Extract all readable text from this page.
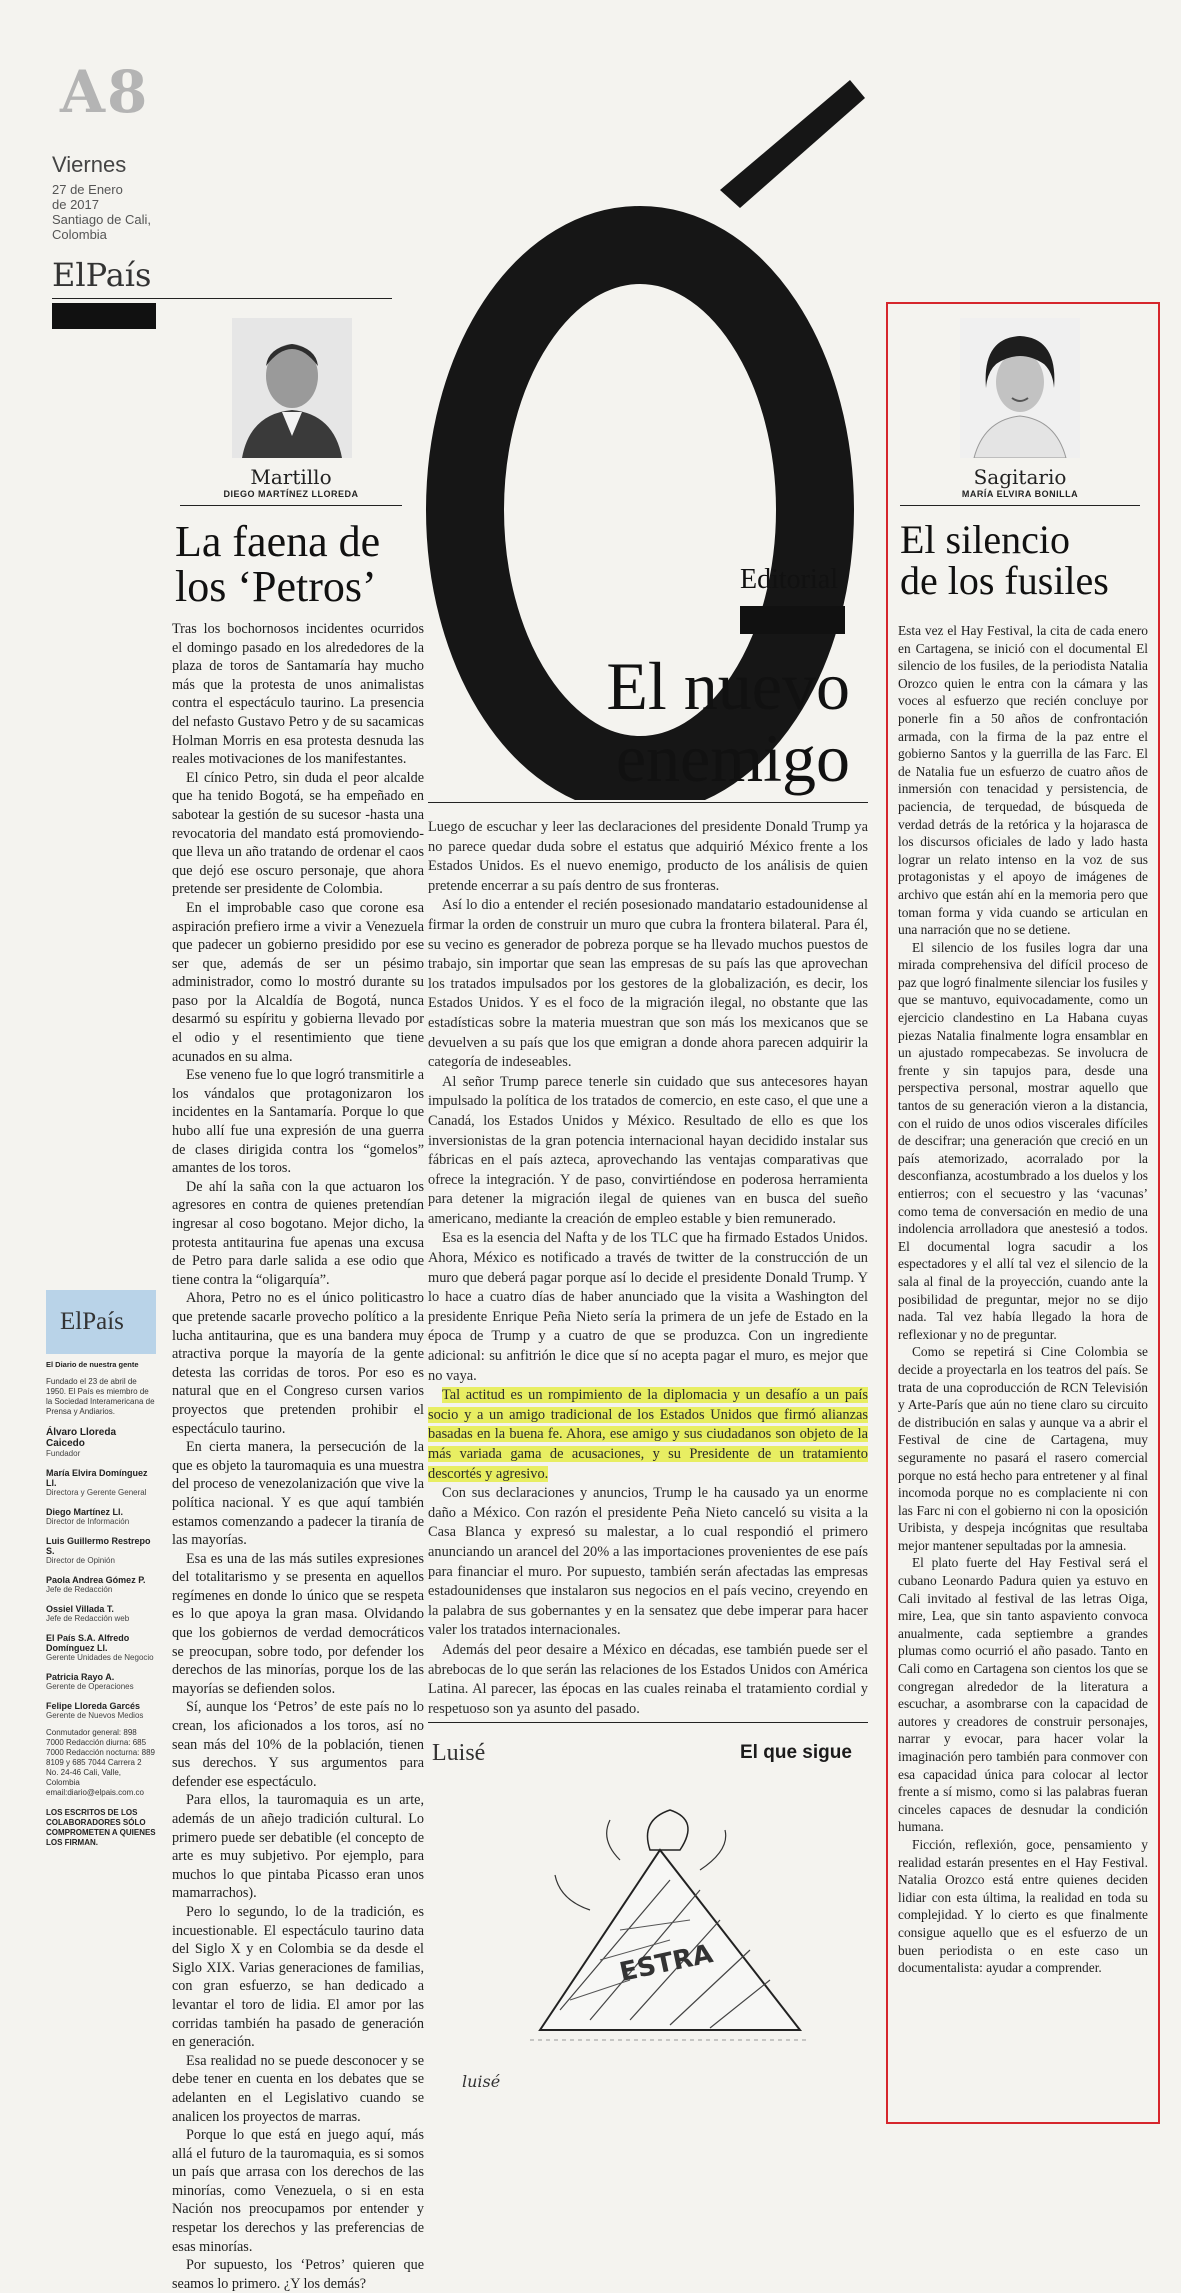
A8
Viernes
27 de Enero
de 2017
Santiago de Cali,
Colombia
ElPaís
Martillo
DIEGO MARTÍNEZ LLOREDA
La faena de los ‘Petros’

Tras los bochornosos incidentes ocurridos el domingo pasado en los alrededores de la plaza de toros de Santamaría hay mucho más que la protesta de unos animalistas contra el espectáculo taurino. La presencia del nefasto Gustavo Petro y de su sacamicas Holman Morris en esa protesta desnuda las reales motivaciones de los manifestantes.

El cínico Petro, sin duda el peor alcalde que ha tenido Bogotá, se ha empeñado en sabotear la gestión de su sucesor -hasta una revocatoria del mandato está promoviendo- que lleva un año tratando de ordenar el caos que dejó ese oscuro personaje, que ahora pretende ser presidente de Colombia.

En el improbable caso que corone esa aspiración prefiero irme a vivir a Venezuela que padecer un gobierno presidido por ese ser que, además de ser un pésimo administrador, como lo mostró durante su paso por la Alcaldía de Bogotá, nunca desarmó su espíritu y gobierna llevado por el odio y el resentimiento que tiene acunados en su alma.

Ese veneno fue lo que logró transmitirle a los vándalos que protagonizaron los incidentes en la Santamaría. Porque lo que hubo allí fue una expresión de una guerra de clases dirigida contra los “gomelos” amantes de los toros.

De ahí la saña con la que actuaron los agresores en contra de quienes pretendían ingresar al coso bogotano. Mejor dicho, la protesta antitaurina fue apenas una excusa de Petro para darle salida a ese odio que tiene contra la “oligarquía”.

Ahora, Petro no es el único politicastro que pretende sacarle provecho político a la lucha antitaurina, que es una bandera muy atractiva porque la mayoría de la gente detesta las corridas de toros. Por eso es natural que en el Congreso cursen varios proyectos que pretenden prohibir el espectáculo taurino.

En cierta manera, la persecución de la que es objeto la tauromaquia es una muestra del proceso de venezolanización que vive la política nacional. Y es que aquí también estamos comenzando a padecer la tiranía de las mayorías.

Esa es una de las más sutiles expresiones del totalitarismo y se presenta en aquellos regímenes en donde lo único que se respeta es lo que apoya la gran masa. Olvidando que los gobiernos de verdad democráticos se preocupan, sobre todo, por defender los derechos de las minorías, porque los de las mayorías se defienden solos.

Sí, aunque los ‘Petros’ de este país no lo crean, los aficionados a los toros, así no sean más del 10% de la población, tienen sus derechos. Y sus argumentos para defender ese espectáculo.

Para ellos, la tauromaquia es un arte, además de un añejo tradición cultural. Lo primero puede ser debatible (el concepto de arte es muy subjetivo. Por ejemplo, para muchos lo que pintaba Picasso eran unos mamarrachos).

Pero lo segundo, lo de la tradición, es incuestionable. El espectáculo taurino data del Siglo X y en Colombia se da desde el Siglo XIX. Varias generaciones de familias, con gran esfuerzo, se han dedicado a levantar el toro de lidia. El amor por las corridas también ha pasado de generación en generación.

Esa realidad no se puede desconocer y se debe tener en cuenta en los debates que se adelanten en el Legislativo cuando se analicen los proyectos de marras.

Porque lo que está en juego aquí, más allá el futuro de la tauromaquia, es si somos un país que arrasa con los derechos de las minorías, como Venezuela, o si en esta Nación nos preocupamos por entender y respetar los derechos y las preferencias de esas minorías.

Por supuesto, los ‘Petros’ quieren que seamos lo primero. ¿Y los demás?

ElPaís
El Diario de nuestra gente
Fundado el 23 de abril de 1950. El País es miembro de la Sociedad Interamericana de Prensa y Andiarios.
Álvaro Lloreda Caicedo
Fundador
María Elvira Domínguez Ll.
Directora y Gerente General
Diego Martínez Ll.
Director de Información
Luis Guillermo Restrepo S.
Director de Opinión
Paola Andrea Gómez P.
Jefe de Redacción
Ossiel Villada T.
Jefe de Redacción web
El País S.A. Alfredo Domínguez Ll.
Gerente Unidades de Negocio
Patricia Rayo A.
Gerente de Operaciones
Felipe Lloreda Garcés
Gerente de Nuevos Medios
Conmutador general: 898 7000 Redacción diurna: 685 7000 Redacción nocturna: 889 8109 y 685 7044 Carrera 2 No. 24-46 Cali, Valle, Colombia email:diario@elpais.com.co
LOS ESCRITOS DE LOS COLABORADORES SÓLO COMPROMETEN A QUIENES LOS FIRMAN.
Editorial
El nuevo
enemigo

Luego de escuchar y leer las declaraciones del presidente Donald Trump ya no parece quedar duda sobre el estatus que adquirió México frente a los Estados Unidos. Es el nuevo enemigo, producto de los análisis de quien pretende encerrar a su país dentro de sus fronteras.

Así lo dio a entender el recién posesionado mandatario estadounidense al firmar la orden de construir un muro que cubra la frontera bilateral. Para él, su vecino es generador de pobreza porque se ha llevado muchos puestos de trabajo, sin importar que sean las empresas de su país las que aprovechan los tratados impulsados por los gestores de la globalización, es decir, los Estados Unidos. Y es el foco de la migración ilegal, no obstante que las estadísticas sobre la materia muestran que son más los mexicanos que se devuelven a su país que los que emigran a donde ahora parecen adquirir la categoría de indeseables.

Al señor Trump parece tenerle sin cuidado que sus antecesores hayan impulsado la política de los tratados de comercio, en este caso, el que une a Canadá, los Estados Unidos y México. Resultado de ello es que los inversionistas de la gran potencia internacional hayan decidido instalar sus fábricas en el país azteca, aprovechando las ventajas comparativas que ofrece la integración. Y de paso, convirtiéndose en poderosa herramienta para detener la migración ilegal de quienes van en busca del sueño americano, mediante la creación de empleo estable y bien remunerado.

Esa es la esencia del Nafta y de los TLC que ha firmado Estados Unidos. Ahora, México es notificado a través de twitter de la construcción de un muro que deberá pagar porque así lo decide el presidente Donald Trump. Y lo hace a cuatro días de haber anunciado que la visita a Washington del presidente Enrique Peña Nieto sería la primera de un jefe de Estado en la época de Trump y a cuatro de que se produzca. Con un ingrediente adicional: su anfitrión le dice que sí no acepta pagar el muro, es mejor que no vaya.

Tal actitud es un rompimiento de la diplomacia y un desafío a un país socio y a un amigo tradicional de los Estados Unidos que firmó alianzas basadas en la buena fe. Ahora, ese amigo y sus ciudadanos son objeto de la más variada gama de acusaciones, y su Presidente de un tratamiento descortés y agresivo.

Con sus declaraciones y anuncios, Trump le ha causado ya un enorme daño a México. Con razón el presidente Peña Nieto canceló su visita a la Casa Blanca y expresó su malestar, a lo cual respondió el primero anunciando un arancel del 20% a las importaciones provenientes de ese país para financiar el muro. Por supuesto, también serán afectadas las empresas estadounidenses que instalaron sus negocios en el país vecino, creyendo en la palabra de sus gobernantes y en la sensatez que debe imperar para hacer valer los tratados internacionales.

Además del peor desaire a México en décadas, ese también puede ser el abrebocas de lo que serán las relaciones de los Estados Unidos con América Latina. Al parecer, las épocas en las cuales reinaba el tratamiento cordial y respetuoso son ya asunto del pasado.

Luisé	El que sigue
ESTRA
luisé
Sagitario
MARÍA ELVIRA BONILLA
El silencio
de los fusiles

Esta vez el Hay Festival, la cita de cada enero en Cartagena, se inició con el documental El silencio de los fusiles, de la periodista Natalia Orozco quien le entra con la cámara y las voces al esfuerzo que recién concluye por ponerle fin a 50 años de confrontación armada, con la firma de la paz entre el gobierno Santos y la guerrilla de las Farc. El de Natalia fue un esfuerzo de cuatro años de inmersión con tenacidad y persistencia, de paciencia, de terquedad, de búsqueda de verdad detrás de la retórica y la hojarasca de los discursos oficiales de lado y lado hasta lograr un relato intenso en la voz de sus protagonistas y el apoyo de imágenes de archivo que están ahí en la memoria pero que toman forma y vida cuando se articulan en una narración que no se detiene.

El silencio de los fusiles logra dar una mirada comprehensiva del difícil proceso de paz que logró finalmente silenciar los fusiles y que se mantuvo, equivocadamente, como un ejercicio clandestino en La Habana cuyas piezas Natalia finalmente logra ensamblar en un ajustado rompecabezas. Se involucra de frente y sin tapujos para, desde una perspectiva personal, mostrar aquello que tantos de su generación vieron a la distancia, con el ruido de unos odios viscerales difíciles de descifrar; una generación que creció en un país atemorizado, acorralado por la desconfianza, acostumbrado a los duelos y los entierros; con el secuestro y las ‘vacunas’ como tema de conversación en medio de una indolencia arrolladora que anestesió a todos. El documental logra sacudir a los espectadores y el allí tal vez el silencio de la sala al final de la proyección, cuando ante la posibilidad de preguntar, mejor no se dijo nada. Tal vez había llegado la hora de reflexionar y no de preguntar.

Como se repetirá si Cine Colombia se decide a proyectarla en los teatros del país. Se trata de una coproducción de RCN Televisión y Arte-París que aún no tiene claro su circuito de distribución en salas y aunque va a abrir el Festival de cine de Cartagena, muy seguramente no pasará el rasero comercial porque no está hecho para entretener y al final incomoda porque no es complaciente ni con las Farc ni con el gobierno ni con la oposición Uribista, y despeja incógnitas que resultaba mejor mantener sepultadas por la amnesia.

El plato fuerte del Hay Festival será el cubano Leonardo Padura quien ya estuvo en Cali invitado al festival de las letras Oiga, mire, Lea, que sin tanto aspaviento convoca anualmente, cada septiembre a grandes plumas como ocurrió el año pasado. Tanto en Cali como en Cartagena son cientos los que se congregan alrededor de la literatura a escuchar, a asombrarse con la capacidad de autores y creadores de construir personajes, narrar y evocar, para hacer volar la imaginación pero también para conmover con esa capacidad única para colocar al lector frente a sí mismo, como si las palabras fueran cinceles capaces de desnudar la condición humana.

Ficción, reflexión, goce, pensamiento y realidad estarán presentes en el Hay Festival. Natalia Orozco está entre quienes deciden lidiar con esta última, la realidad en toda su complejidad. Y lo cierto es que finalmente consigue aquello que es el esfuerzo de un buen periodista o en este caso un documentalista: ayudar a comprender.
